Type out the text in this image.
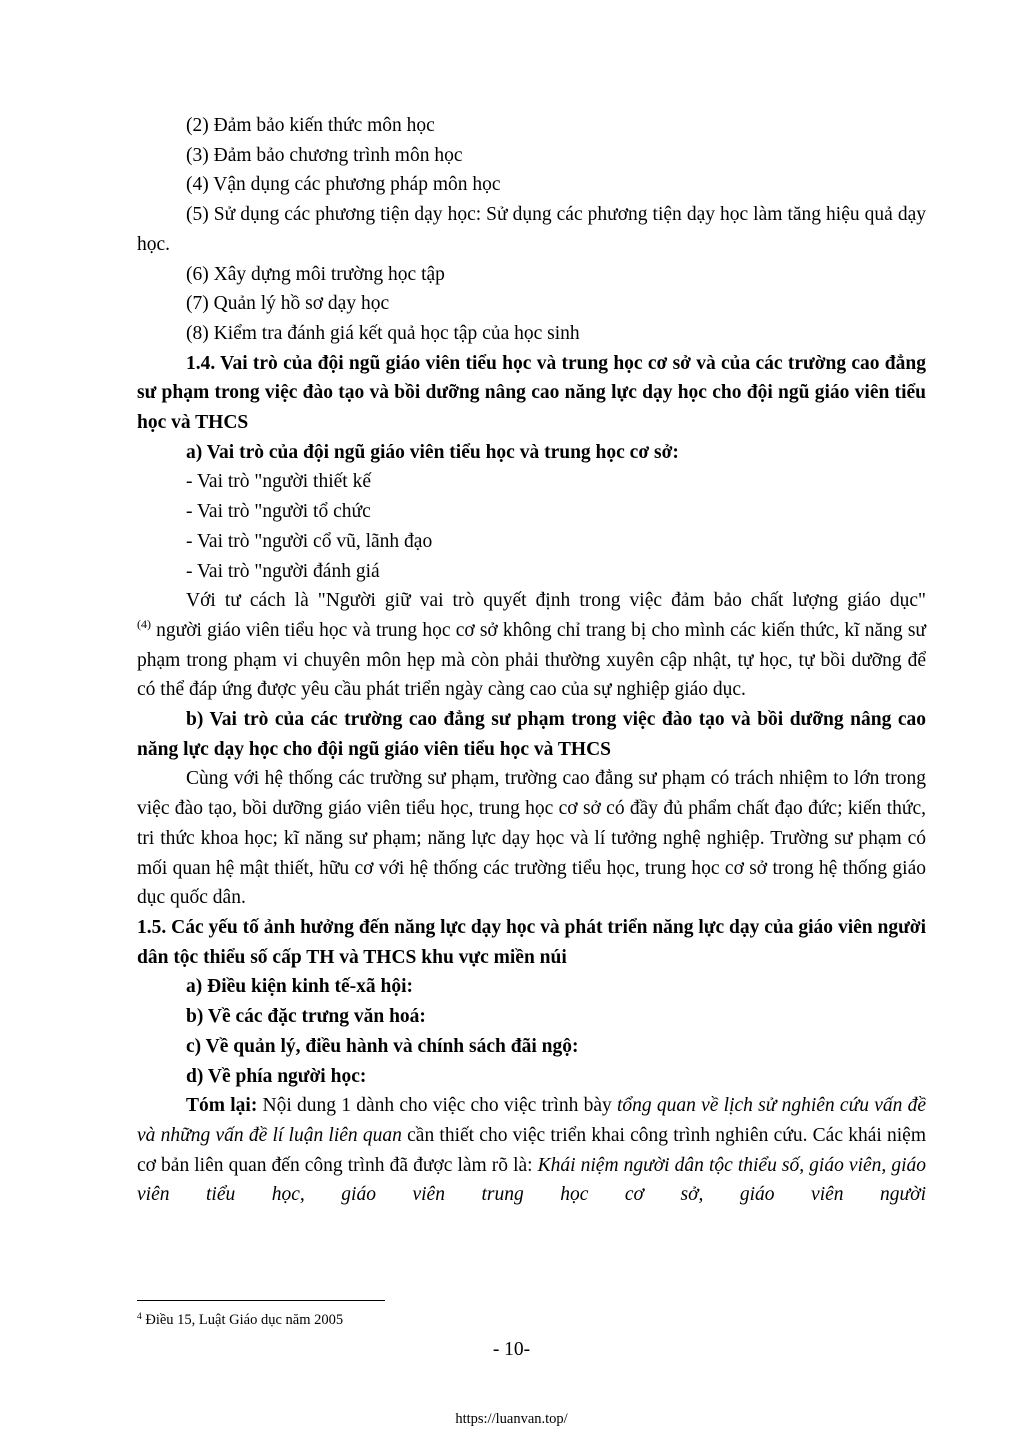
(2) Đảm bảo kiến thức môn học

(3) Đảm bảo chương trình môn học

(4) Vận dụng các phương pháp môn học

(5) Sử dụng các phương tiện dạy học: Sử dụng các phương tiện dạy học làm tăng hiệu quả dạy học.

(6) Xây dựng môi trường học tập

(7) Quản lý hồ sơ dạy học

(8) Kiểm tra đánh giá kết quả học tập của học sinh

1.4. Vai trò của đội ngũ giáo viên tiểu học và trung học cơ sở và của các trường cao đẳng sư phạm trong việc đào tạo và bồi dưỡng nâng cao năng lực dạy học cho đội ngũ giáo viên tiểu học và THCS

a) Vai trò của đội ngũ giáo viên tiểu học và trung học cơ sở:

- Vai trò "người thiết kế

- Vai trò "người tổ chức

- Vai trò "người cổ vũ, lãnh đạo

- Vai trò "người đánh giá

Với tư cách là "Người giữ vai trò quyết định trong việc đảm bảo chất lượng giáo dục"
$^{(4)}$ người giáo viên tiểu học và trung học cơ sở không chỉ trang bị cho mình các kiến thức, kĩ năng sư phạm trong phạm vi chuyên môn hẹp mà còn phải thường xuyên cập nhật, tự học, tự bồi dưỡng để có thể đáp ứng được yêu cầu phát triển ngày càng cao của sự nghiệp giáo dục.

b) Vai trò của các trường cao đẳng sư phạm trong việc đào tạo và bồi dưỡng nâng cao năng lực dạy học cho đội ngũ giáo viên tiểu học và THCS

Cùng với hệ thống các trường sư phạm, trường cao đẳng sư phạm có trách nhiệm to lớn trong việc đào tạo, bồi dưỡng giáo viên tiểu học, trung học cơ sở có đầy đủ phẩm chất đạo đức; kiến thức, tri thức khoa học; kĩ năng sư phạm; năng lực dạy học và lí tưởng nghệ nghiệp. Trường sư phạm có mối quan hệ mật thiết, hữu cơ với hệ thống các trường tiểu học, trung học cơ sở trong hệ thống giáo dục quốc dân.

1.5. Các yếu tố ảnh hưởng đến năng lực dạy học và phát triển năng lực dạy của giáo viên người dân tộc thiểu số cấp TH và THCS khu vực miền núi

a) Điều kiện kinh tế-xã hội:

b) Về các đặc trưng văn hoá:

c) Về quản lý, điều hành và chính sách đãi ngộ:

d) Về phía người học:

Tóm lại: Nội dung 1 dành cho việc cho việc trình bày tổng quan về lịch sử nghiên cứu vấn đề và những vấn đề lí luận liên quan cần thiết cho việc triển khai công trình nghiên cứu. Các khái niệm cơ bản liên quan đến công trình đã được làm rõ là: Khái niệm người dân tộc thiểu số, giáo viên, giáo viên tiểu học, giáo viên trung học cơ sở, giáo viên người

$^4$ Điều 15, Luật Giáo dục năm 2005
- 10-
https://luanvan.top/
